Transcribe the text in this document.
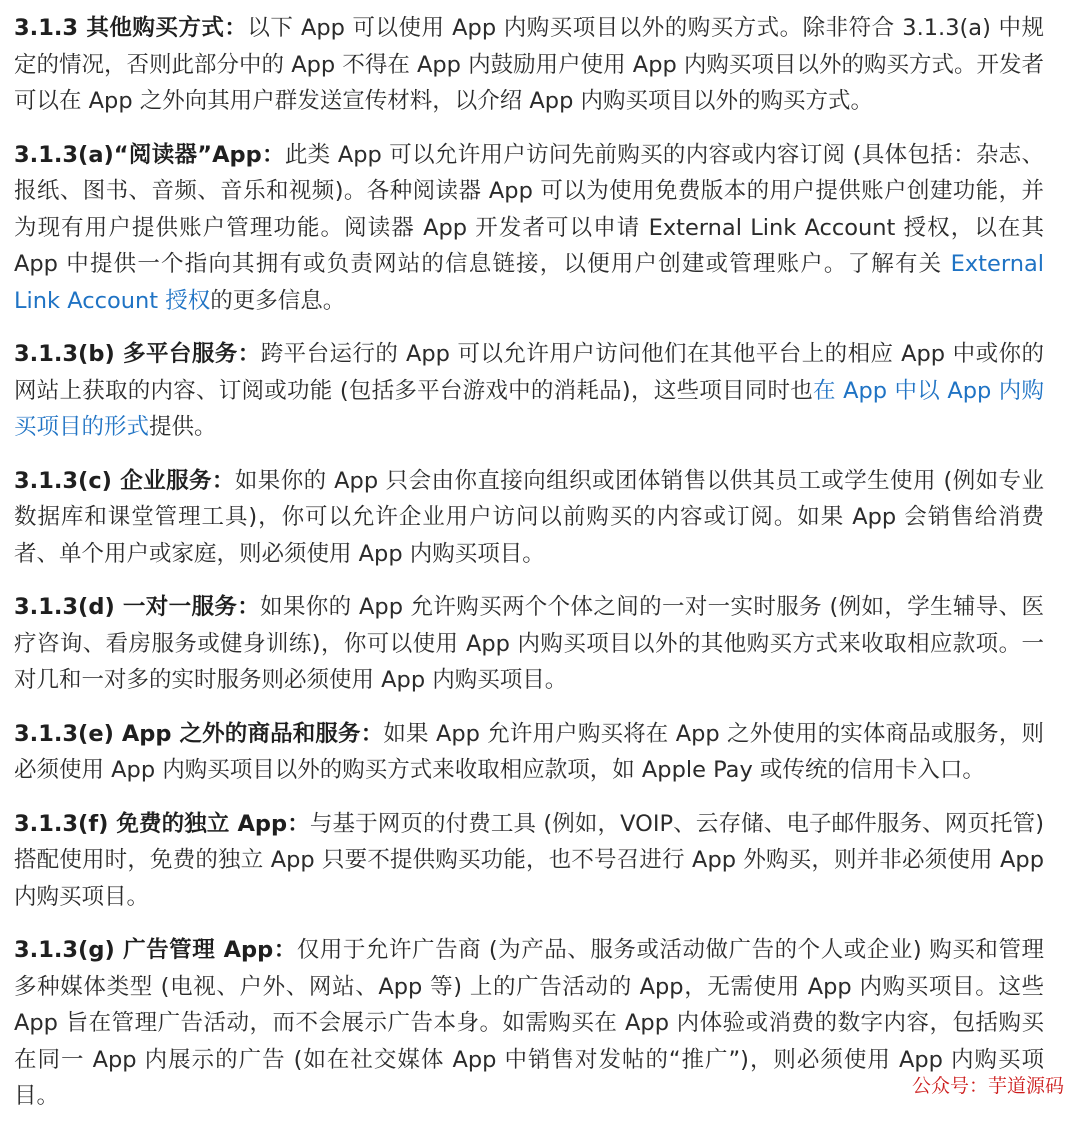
3.1.3 其他购买方式：以下 App 可以使用 App 内购买项目以外的购买方式。除非符合 3.1.3(a) 中规定的情况，否则此部分中的 App 不得在 App 内鼓励用户使用 App 内购买项目以外的购买方式。开发者可以在 App 之外向其用户群发送宣传材料，以介绍 App 内购买项目以外的购买方式。

3.1.3(a)“阅读器”App：此类 App 可以允许用户访问先前购买的内容或内容订阅 (具体包括：杂志、报纸、图书、音频、音乐和视频)。各种阅读器 App 可以为使用免费版本的用户提供账户创建功能，并为现有用户提供账户管理功能。阅读器 App 开发者可以申请 External Link Account 授权，以在其 App 中提供一个指向其拥有或负责网站的信息链接，以便用户创建或管理账户。了解有关 External Link Account 授权的更多信息。

3.1.3(b) 多平台服务：跨平台运行的 App 可以允许用户访问他们在其他平台上的相应 App 中或你的网站上获取的内容、订阅或功能 (包括多平台游戏中的消耗品)，这些项目同时也在 App 中以 App 内购买项目的形式提供。

3.1.3(c) 企业服务：如果你的 App 只会由你直接向组织或团体销售以供其员工或学生使用 (例如专业数据库和课堂管理工具)，你可以允许企业用户访问以前购买的内容或订阅。如果 App 会销售给消费者、单个用户或家庭，则必须使用 App 内购买项目。

3.1.3(d) 一对一服务：如果你的 App 允许购买两个个体之间的一对一实时服务 (例如，学生辅导、医疗咨询、看房服务或健身训练)，你可以使用 App 内购买项目以外的其他购买方式来收取相应款项。一对几和一对多的实时服务则必须使用 App 内购买项目。

3.1.3(e) App 之外的商品和服务：如果 App 允许用户购买将在 App 之外使用的实体商品或服务，则必须使用 App 内购买项目以外的购买方式来收取相应款项，如 Apple Pay 或传统的信用卡入口。

3.1.3(f) 免费的独立 App：与基于网页的付费工具 (例如，VOIP、云存储、电子邮件服务、网页托管) 搭配使用时，免费的独立 App 只要不提供购买功能，也不号召进行 App 外购买，则并非必须使用 App 内购买项目。

3.1.3(g) 广告管理 App：仅用于允许广告商 (为产品、服务或活动做广告的个人或企业) 购买和管理多种媒体类型 (电视、户外、网站、App 等) 上的广告活动的 App，无需使用 App 内购买项目。这些 App 旨在管理广告活动，而不会展示广告本身。如需购买在 App 内体验或消费的数字内容，包括购买在同一 App 内展示的广告 (如在社交媒体 App 中销售对发帖的“推广”)，则必须使用 App 内购买项目。	公众号：芋道源码
